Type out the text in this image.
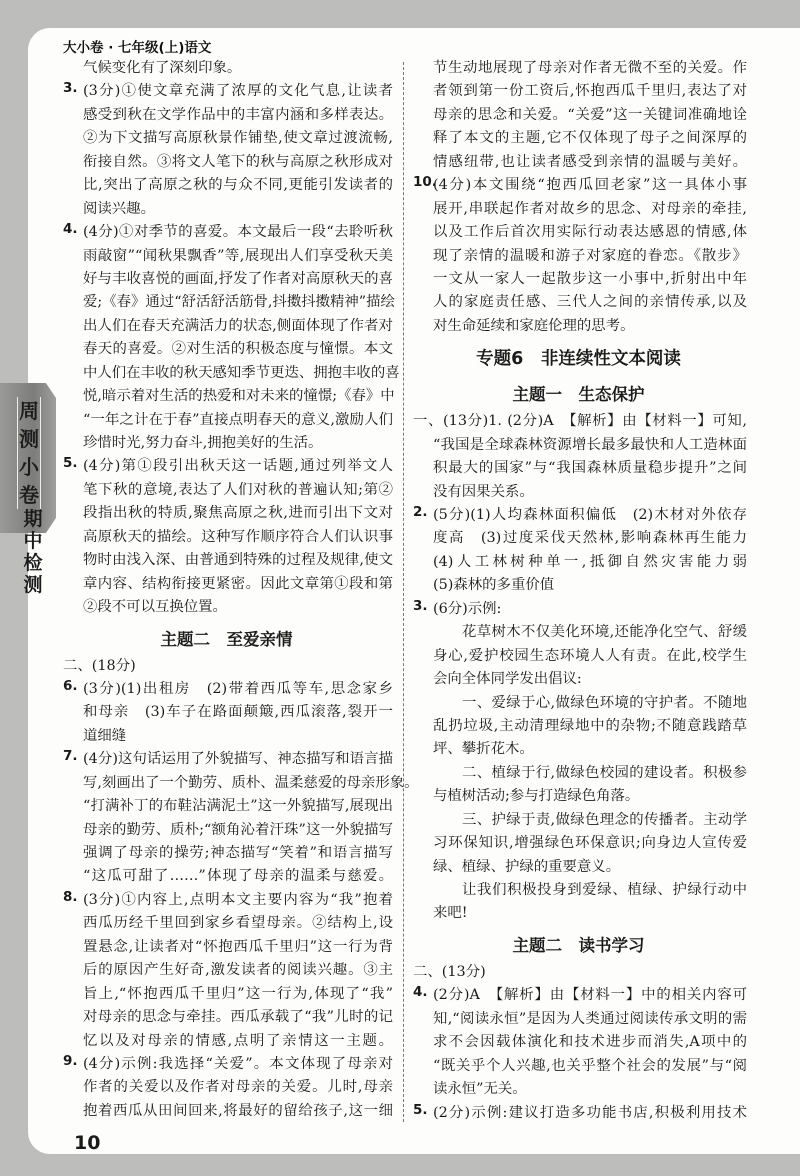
大小卷 · 七年级(上)语文
周测小卷
期中检测
气候变化有了深刻印象。
3. (3分)①使文章充满了浓厚的文化气息,让读者
感受到秋在文学作品中的丰富内涵和多样表达。
②为下文描写高原秋景作铺垫,使文章过渡流畅,
衔接自然。③将文人笔下的秋与高原之秋形成对
比,突出了高原之秋的与众不同,更能引发读者的
阅读兴趣。
4. (4分)①对季节的喜爱。本文最后一段“去聆听秋
雨敲窗”“闻秋果飘香”等,展现出人们享受秋天美
好与丰收喜悦的画面,抒发了作者对高原秋天的喜
爱;《春》通过“舒活舒活筋骨,抖擞抖擞精神”描绘
出人们在春天充满活力的状态,侧面体现了作者对
春天的喜爱。②对生活的积极态度与憧憬。本文
中人们在丰收的秋天感知季节更迭、拥抱丰收的喜
悦,暗示着对生活的热爱和对未来的憧憬;《春》中
“一年之计在于春”直接点明春天的意义,激励人们
珍惜时光,努力奋斗,拥抱美好的生活。
5. (4分)第①段引出秋天这一话题,通过列举文人
笔下秋的意境,表达了人们对秋的普遍认知;第②
段指出秋的特质,聚焦高原之秋,进而引出下文对
高原秋天的描绘。这种写作顺序符合人们认识事
物时由浅入深、由普通到特殊的过程及规律,使文
章内容、结构衔接更紧密。因此文章第①段和第
②段不可以互换位置。
主题二　至爱亲情
二、(18分)
6. (3分)(1)出租房　(2)带着西瓜等车,思念家乡
和母亲　(3)车子在路面颠簸,西瓜滚落,裂开一
道细缝
7. (4分)这句话运用了外貌描写、神态描写和语言描
写,刻画出了一个勤劳、质朴、温柔慈爱的母亲形象。
“打满补丁的布鞋沾满泥土”这一外貌描写,展现出
母亲的勤劳、质朴;“额角沁着汗珠”这一外貌描写
强调了母亲的操劳;神态描写“笑着”和语言描写
“这瓜可甜了……”体现了母亲的温柔与慈爱。
8. (3分)①内容上,点明本文主要内容为“我”抱着
西瓜历经千里回到家乡看望母亲。②结构上,设
置悬念,让读者对“怀抱西瓜千里归”这一行为背
后的原因产生好奇,激发读者的阅读兴趣。③主
旨上,“怀抱西瓜千里归”这一行为,体现了“我”
对母亲的思念与牵挂。西瓜承载了“我”儿时的记
忆以及对母亲的情感,点明了亲情这一主题。
9. (4分)示例:我选择“关爱”。本文体现了母亲对
作者的关爱以及作者对母亲的关爱。儿时,母亲
抱着西瓜从田间回来,将最好的留给孩子,这一细
节生动地展现了母亲对作者无微不至的关爱。作
者领到第一份工资后,怀抱西瓜千里归,表达了对
母亲的思念和关爱。“关爱”这一关键词准确地诠
释了本文的主题,它不仅体现了母子之间深厚的
情感纽带,也让读者感受到亲情的温暖与美好。
10.
(4分)本文围绕“抱西瓜回老家”这一具体小事
展开,串联起作者对故乡的思念、对母亲的牵挂,
以及工作后首次用实际行动表达感恩的情感,体
现了亲情的温暖和游子对家庭的眷恋。《散步》
一文从一家人一起散步这一小事中,折射出中年
人的家庭责任感、三代人之间的亲情传承,以及
对生命延续和家庭伦理的思考。
专题6　非连续性文本阅读
主题一　生态保护
一、(13分)1. (2分)A　【解析】由【材料一】可知,
“我国是全球森林资源增长最多最快和人工造林面
积最大的国家”与“我国森林质量稳步提升”之间
没有因果关系。
2. (5分)(1)人均森林面积偏低　(2)木材对外依存
度高　(3)过度采伐天然林,影响森林再生能力
(4)人工林树种单一,抵御自然灾害能力弱
(5)森林的多重价值
3. (6分)示例:
花草树木不仅美化环境,还能净化空气、舒缓
身心,爱护校园生态环境人人有责。在此,校学生
会向全体同学发出倡议:
一、爱绿于心,做绿色环境的守护者。不随地
乱扔垃圾,主动清理绿地中的杂物;不随意践踏草
坪、攀折花木。
二、植绿于行,做绿色校园的建设者。积极参
与植树活动;参与打造绿色角落。
三、护绿于责,做绿色理念的传播者。主动学
习环保知识,增强绿色环保意识;向身边人宣传爱
绿、植绿、护绿的重要意义。
让我们积极投身到爱绿、植绿、护绿行动中
来吧!
主题二　读书学习
二、(13分)
4. (2分)A　【解析】由【材料一】中的相关内容可
知,“阅读永恒”是因为人类通过阅读传承文明的需
求不会因载体演化和技术进步而消失,A项中的
“既关乎个人兴趣,也关乎整个社会的发展”与“阅
读永恒”无关。
5. (2分)示例:建议打造多功能书店,积极利用技术
10
